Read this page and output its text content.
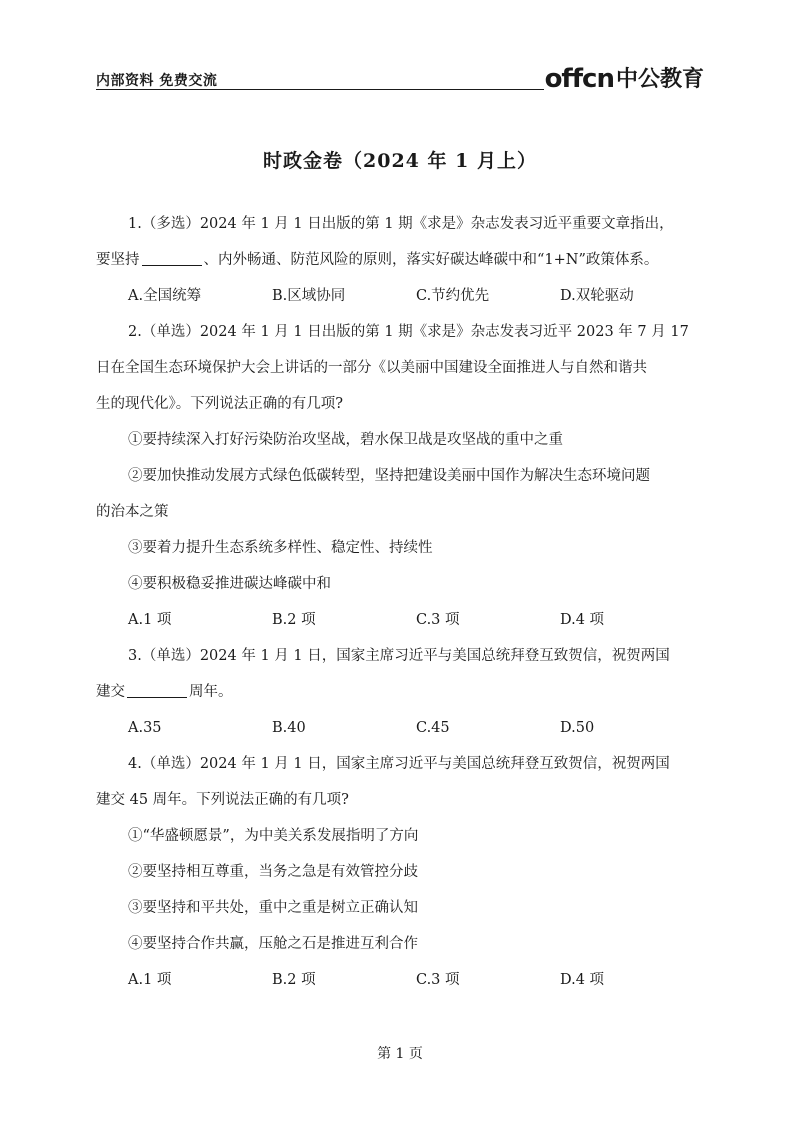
内部资料 免费交流	offcn 中公教育
时政金卷（2024 年 1 月上）
1.（多选）2024 年 1 月 1 日出版的第 1 期《求是》杂志发表习近平重要文章指出，
要坚持	、内外畅通、防范风险的原则，落实好碳达峰碳中和“1+N”政策体系。
A.全国统筹	B.区域协同	C.节约优先	D.双轮驱动
2.（单选）2024 年 1 月 1 日出版的第 1 期《求是》杂志发表习近平 2023 年 7 月 17
日在全国生态环境保护大会上讲话的一部分《以美丽中国建设全面推进人与自然和谐共
生的现代化》。下列说法正确的有几项?
①要持续深入打好污染防治攻坚战，碧水保卫战是攻坚战的重中之重
②要加快推动发展方式绿色低碳转型，坚持把建设美丽中国作为解决生态环境问题
的治本之策
③要着力提升生态系统多样性、稳定性、持续性
④要积极稳妥推进碳达峰碳中和
A.1 项	B.2 项	C.3 项	D.4 项
3.（单选）2024 年 1 月 1 日，国家主席习近平与美国总统拜登互致贺信，祝贺两国
建交	周年。
A.35	B.40	C.45	D.50
4.（单选）2024 年 1 月 1 日，国家主席习近平与美国总统拜登互致贺信，祝贺两国
建交 45 周年。下列说法正确的有几项?
①“华盛顿愿景”，为中美关系发展指明了方向
②要坚持相互尊重，当务之急是有效管控分歧
③要坚持和平共处，重中之重是树立正确认知
④要坚持合作共赢，压舱之石是推进互利合作
A.1 项	B.2 项	C.3 项	D.4 项
第 1 页
